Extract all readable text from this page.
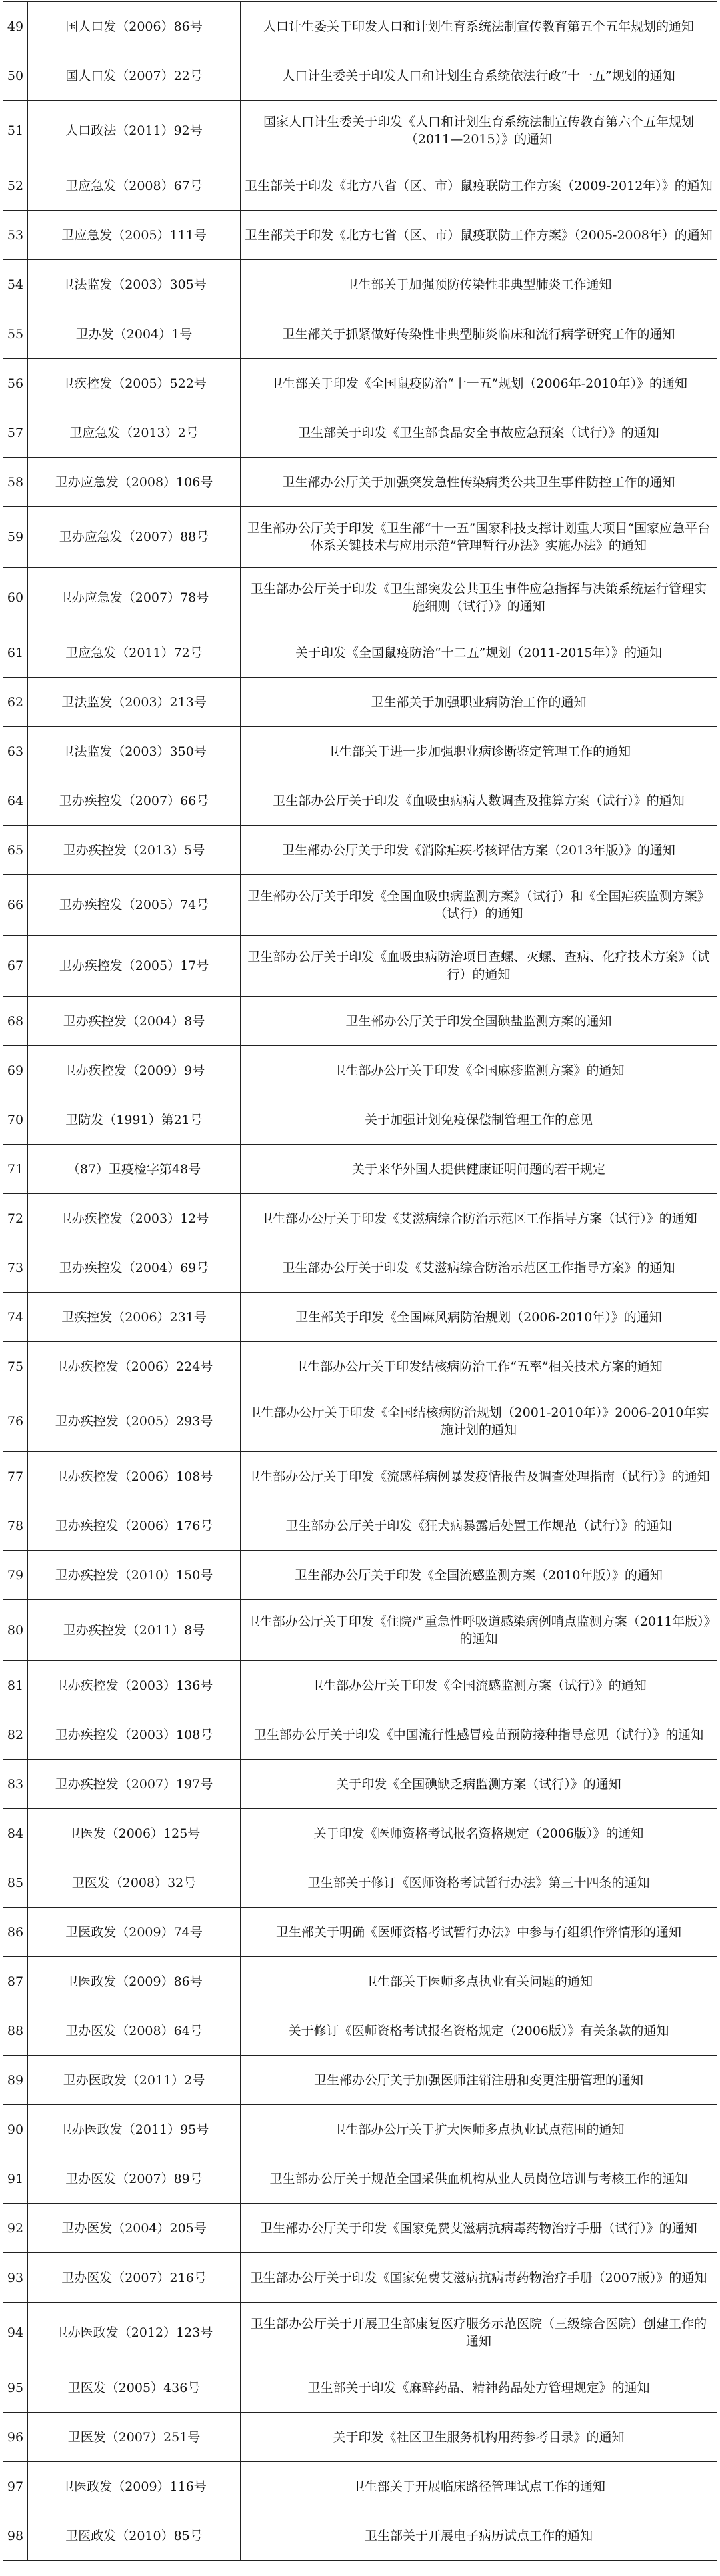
49	国人口发（2006）86号	人口计生委关于印发人口和计划生育系统法制宣传教育第五个五年规划的通知
50	国人口发（2007）22号	人口计生委关于印发人口和计划生育系统依法行政“十一五”规划的通知
51	人口政法（2011）92号	国家人口计生委关于印发《人口和计划生育系统法制宣传教育第六个五年规划（2011—2015）》的通知
52	卫应急发（2008）67号	卫生部关于印发《北方八省（区、市）鼠疫联防工作方案（2009-2012年）》的通知
53	卫应急发（2005）111号	卫生部关于印发《北方七省（区、市）鼠疫联防工作方案》（2005-2008年）的通知
54	卫法监发（2003）305号	卫生部关于加强预防传染性非典型肺炎工作通知
55	卫办发（2004）1号	卫生部关于抓紧做好传染性非典型肺炎临床和流行病学研究工作的通知
56	卫疾控发（2005）522号	卫生部关于印发《全国鼠疫防治“十一五”规划（2006年-2010年）》的通知
57	卫应急发（2013）2号	卫生部关于印发《卫生部食品安全事故应急预案（试行）》的通知
58	卫办应急发（2008）106号	卫生部办公厅关于加强突发急性传染病类公共卫生事件防控工作的通知
59	卫办应急发（2007）88号	卫生部办公厅关于印发《卫生部“十一五”国家科技支撑计划重大项目“国家应急平台体系关键技术与应用示范”管理暂行办法》实施办法》的通知
60	卫办应急发（2007）78号	卫生部办公厅关于印发《卫生部突发公共卫生事件应急指挥与决策系统运行管理实施细则（试行）》的通知
61	卫应急发（2011）72号	关于印发《全国鼠疫防治“十二五”规划（2011-2015年）》的通知
62	卫法监发（2003）213号	卫生部关于加强职业病防治工作的通知
63	卫法监发（2003）350号	卫生部关于进一步加强职业病诊断鉴定管理工作的通知
64	卫办疾控发（2007）66号	卫生部办公厅关于印发《血吸虫病病人数调查及推算方案（试行）》的通知
65	卫办疾控发（2013）5号	卫生部办公厅关于印发《消除疟疾考核评估方案（2013年版）》的通知
66	卫办疾控发（2005）74号	卫生部办公厅关于印发《全国血吸虫病监测方案》（试行）和《全国疟疾监测方案》（试行）的通知
67	卫办疾控发（2005）17号	卫生部办公厅关于印发《血吸虫病防治项目查螺、灭螺、查病、化疗技术方案》（试行）的通知
68	卫办疾控发（2004）8号	卫生部办公厅关于印发全国碘盐监测方案的通知
69	卫办疾控发（2009）9号	卫生部办公厅关于印发《全国麻疹监测方案》的通知
70	卫防发（1991）第21号	关于加强计划免疫保偿制管理工作的意见
71	（87）卫疫检字第48号	关于来华外国人提供健康证明问题的若干规定
72	卫办疾控发（2003）12号	卫生部办公厅关于印发《艾滋病综合防治示范区工作指导方案（试行）》的通知
73	卫办疾控发（2004）69号	卫生部办公厅关于印发《艾滋病综合防治示范区工作指导方案》的通知
74	卫疾控发（2006）231号	卫生部关于印发《全国麻风病防治规划（2006-2010年）》的通知
75	卫办疾控发（2006）224号	卫生部办公厅关于印发结核病防治工作“五率”相关技术方案的通知
76	卫办疾控发（2005）293号	卫生部办公厅关于印发《全国结核病防治规划（2001-2010年）》2006-2010年实施计划的通知
77	卫办疾控发（2006）108号	卫生部办公厅关于印发《流感样病例暴发疫情报告及调查处理指南（试行）》的通知
78	卫办疾控发（2006）176号	卫生部办公厅关于印发《狂犬病暴露后处置工作规范（试行）》的通知
79	卫办疾控发（2010）150号	卫生部办公厅关于印发《全国流感监测方案（2010年版）》的通知
80	卫办疾控发（2011）8号	卫生部办公厅关于印发《住院严重急性呼吸道感染病例哨点监测方案（2011年版）》的通知
81	卫办疾控发（2003）136号	卫生部办公厅关于印发《全国流感监测方案（试行）》的通知
82	卫办疾控发（2003）108号	卫生部办公厅关于印发《中国流行性感冒疫苗预防接种指导意见（试行）》的通知
83	卫办疾控发（2007）197号	关于印发《全国碘缺乏病监测方案（试行）》的通知
84	卫医发（2006）125号	关于印发《医师资格考试报名资格规定（2006版）》的通知
85	卫医发（2008）32号	卫生部关于修订《医师资格考试暂行办法》第三十四条的通知
86	卫医政发（2009）74号	卫生部关于明确《医师资格考试暂行办法》中参与有组织作弊情形的通知
87	卫医政发（2009）86号	卫生部关于医师多点执业有关问题的通知
88	卫办医发（2008）64号	关于修订《医师资格考试报名资格规定（2006版）》有关条款的通知
89	卫办医政发（2011）2号	卫生部办公厅关于加强医师注销注册和变更注册管理的通知
90	卫办医政发（2011）95号	卫生部办公厅关于扩大医师多点执业试点范围的通知
91	卫办医发（2007）89号	卫生部办公厅关于规范全国采供血机构从业人员岗位培训与考核工作的通知
92	卫办医发（2004）205号	卫生部办公厅关于印发《国家免费艾滋病抗病毒药物治疗手册（试行）》的通知
93	卫办医发（2007）216号	卫生部办公厅关于印发《国家免费艾滋病抗病毒药物治疗手册（2007版）》的通知
94	卫办医政发（2012）123号	卫生部办公厅关于开展卫生部康复医疗服务示范医院（三级综合医院）创建工作的通知
95	卫医发（2005）436号	卫生部关于印发《麻醉药品、精神药品处方管理规定》的通知
96	卫医发（2007）251号	关于印发《社区卫生服务机构用药参考目录》的通知
97	卫医政发（2009）116号	卫生部关于开展临床路径管理试点工作的通知
98	卫医政发（2010）85号	卫生部关于开展电子病历试点工作的通知
